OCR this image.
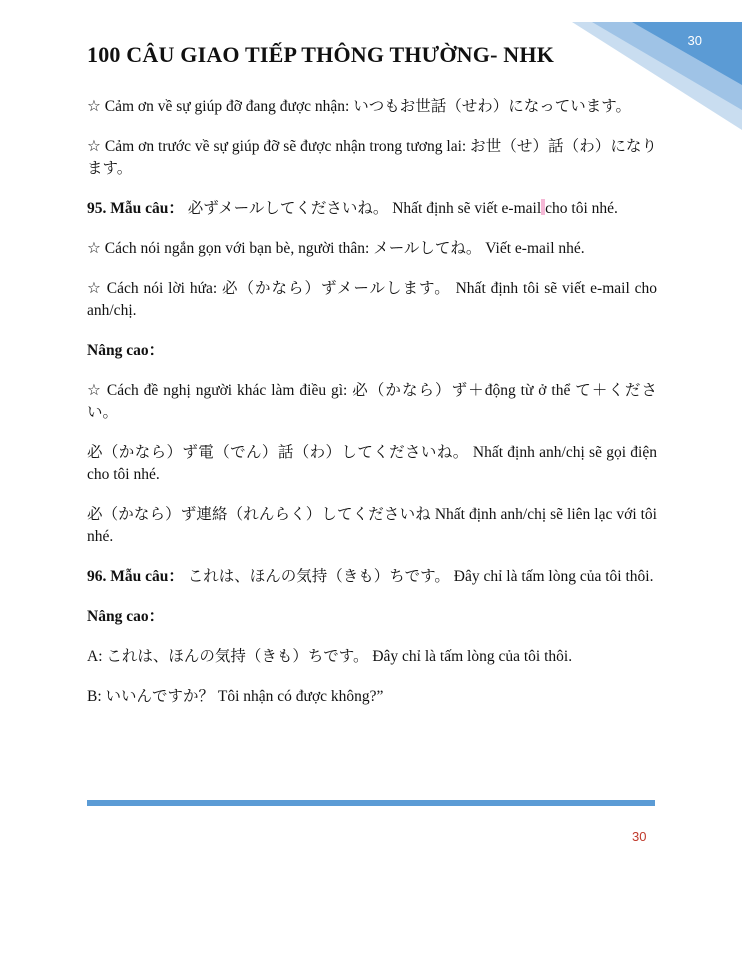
30
100 CÂU GIAO TIẾP THÔNG THƯỜNG- NHK

☆ Cảm ơn về sự giúp đỡ đang được nhận: いつもお世話（せわ）になっています。

☆ Cảm ơn trước về sự giúp đỡ sẽ được nhận trong tương lai: お世（せ）話（わ）になります。

95. Mẫu câu： 必ずメールしてくださいね。 Nhất định sẽ viết e-mail cho tôi nhé.

☆ Cách nói ngắn gọn với bạn bè, người thân: メールしてね。 Viết e-mail nhé.

☆ Cách nói lời hứa: 必（かなら）ずメールします。 Nhất định tôi sẽ viết e-mail cho anh/chị.

Nâng cao：

☆ Cách đề nghị người khác làm điều gì: 必（かなら）ず＋động từ ở thể て＋ください。

必（かなら）ず電（でん）話（わ）してくださいね。 Nhất định anh/chị sẽ gọi điện cho tôi nhé.

必（かなら）ず連絡（れんらく）してくださいね Nhất định anh/chị sẽ liên lạc với tôi nhé.

96. Mẫu câu： これは、ほんの気持（きも）ちです。 Đây chỉ là tấm lòng của tôi thôi.

Nâng cao：

A: これは、ほんの気持（きも）ちです。 Đây chỉ là tấm lòng của tôi thôi.

B: いいんですか？ Tôi nhận có được không?”

30
